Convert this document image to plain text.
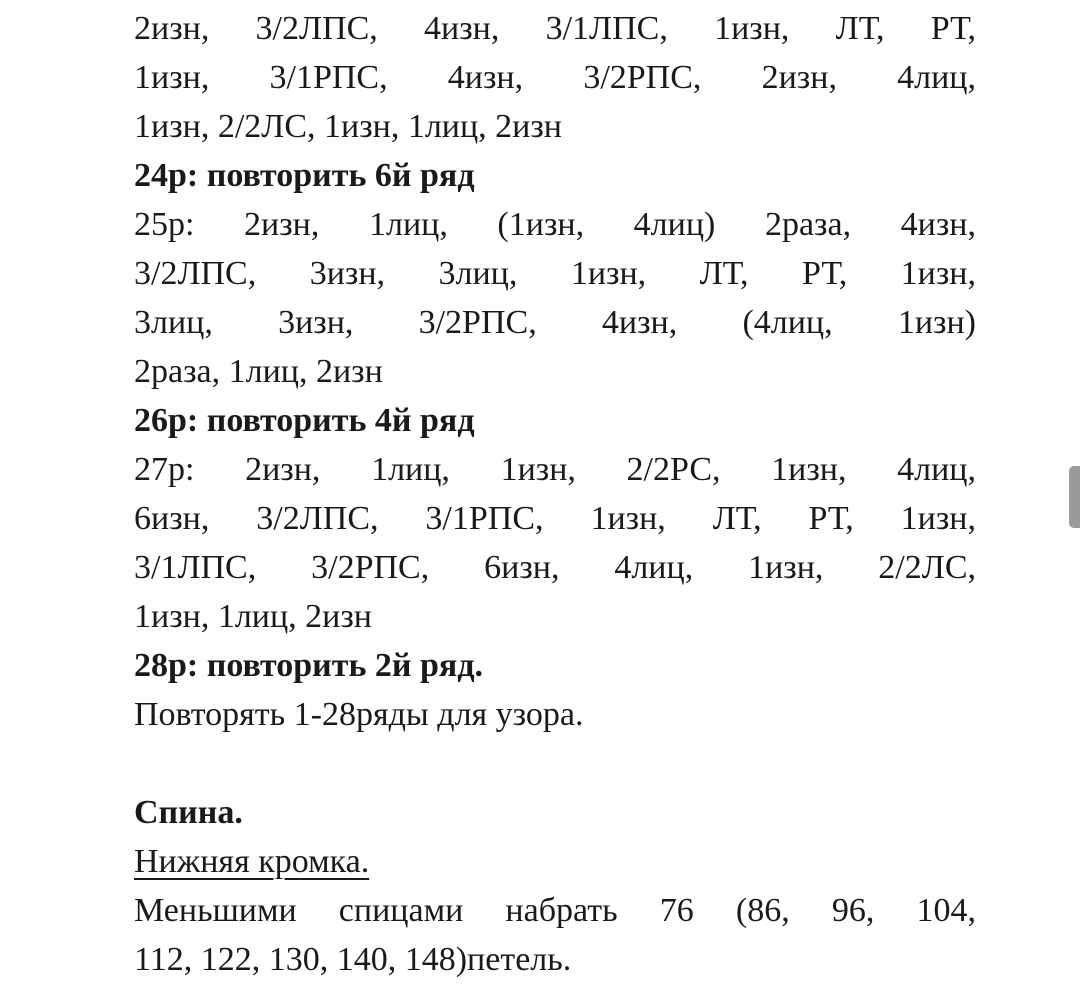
2изн, 3/2ЛПС, 4изн, 3/1ЛПС, 1изн, ЛТ, РТ,
1изн, 3/1РПС, 4изн, 3/2РПС, 2изн, 4лиц,
1изн, 2/2ЛС, 1изн, 1лиц, 2изн
24р: повторить 6й ряд
25р: 2изн, 1лиц, (1изн, 4лиц) 2раза, 4изн,
3/2ЛПС, 3изн, 3лиц, 1изн, ЛТ, РТ, 1изн,
3лиц, 3изн, 3/2РПС, 4изн, (4лиц, 1изн)
2раза, 1лиц, 2изн
26р: повторить 4й ряд
27р: 2изн, 1лиц, 1изн, 2/2РС, 1изн, 4лиц,
6изн, 3/2ЛПС, 3/1РПС, 1изн, ЛТ, РТ, 1изн,
3/1ЛПС, 3/2РПС, 6изн, 4лиц, 1изн, 2/2ЛС,
1изн, 1лиц, 2изн
28р: повторить 2й ряд.
Повторять 1-28ряды для узора.
Спина.
Нижняя кромка.
Меньшими спицами набрать 76 (86, 96, 104,
112, 122, 130, 140, 148)петель.
